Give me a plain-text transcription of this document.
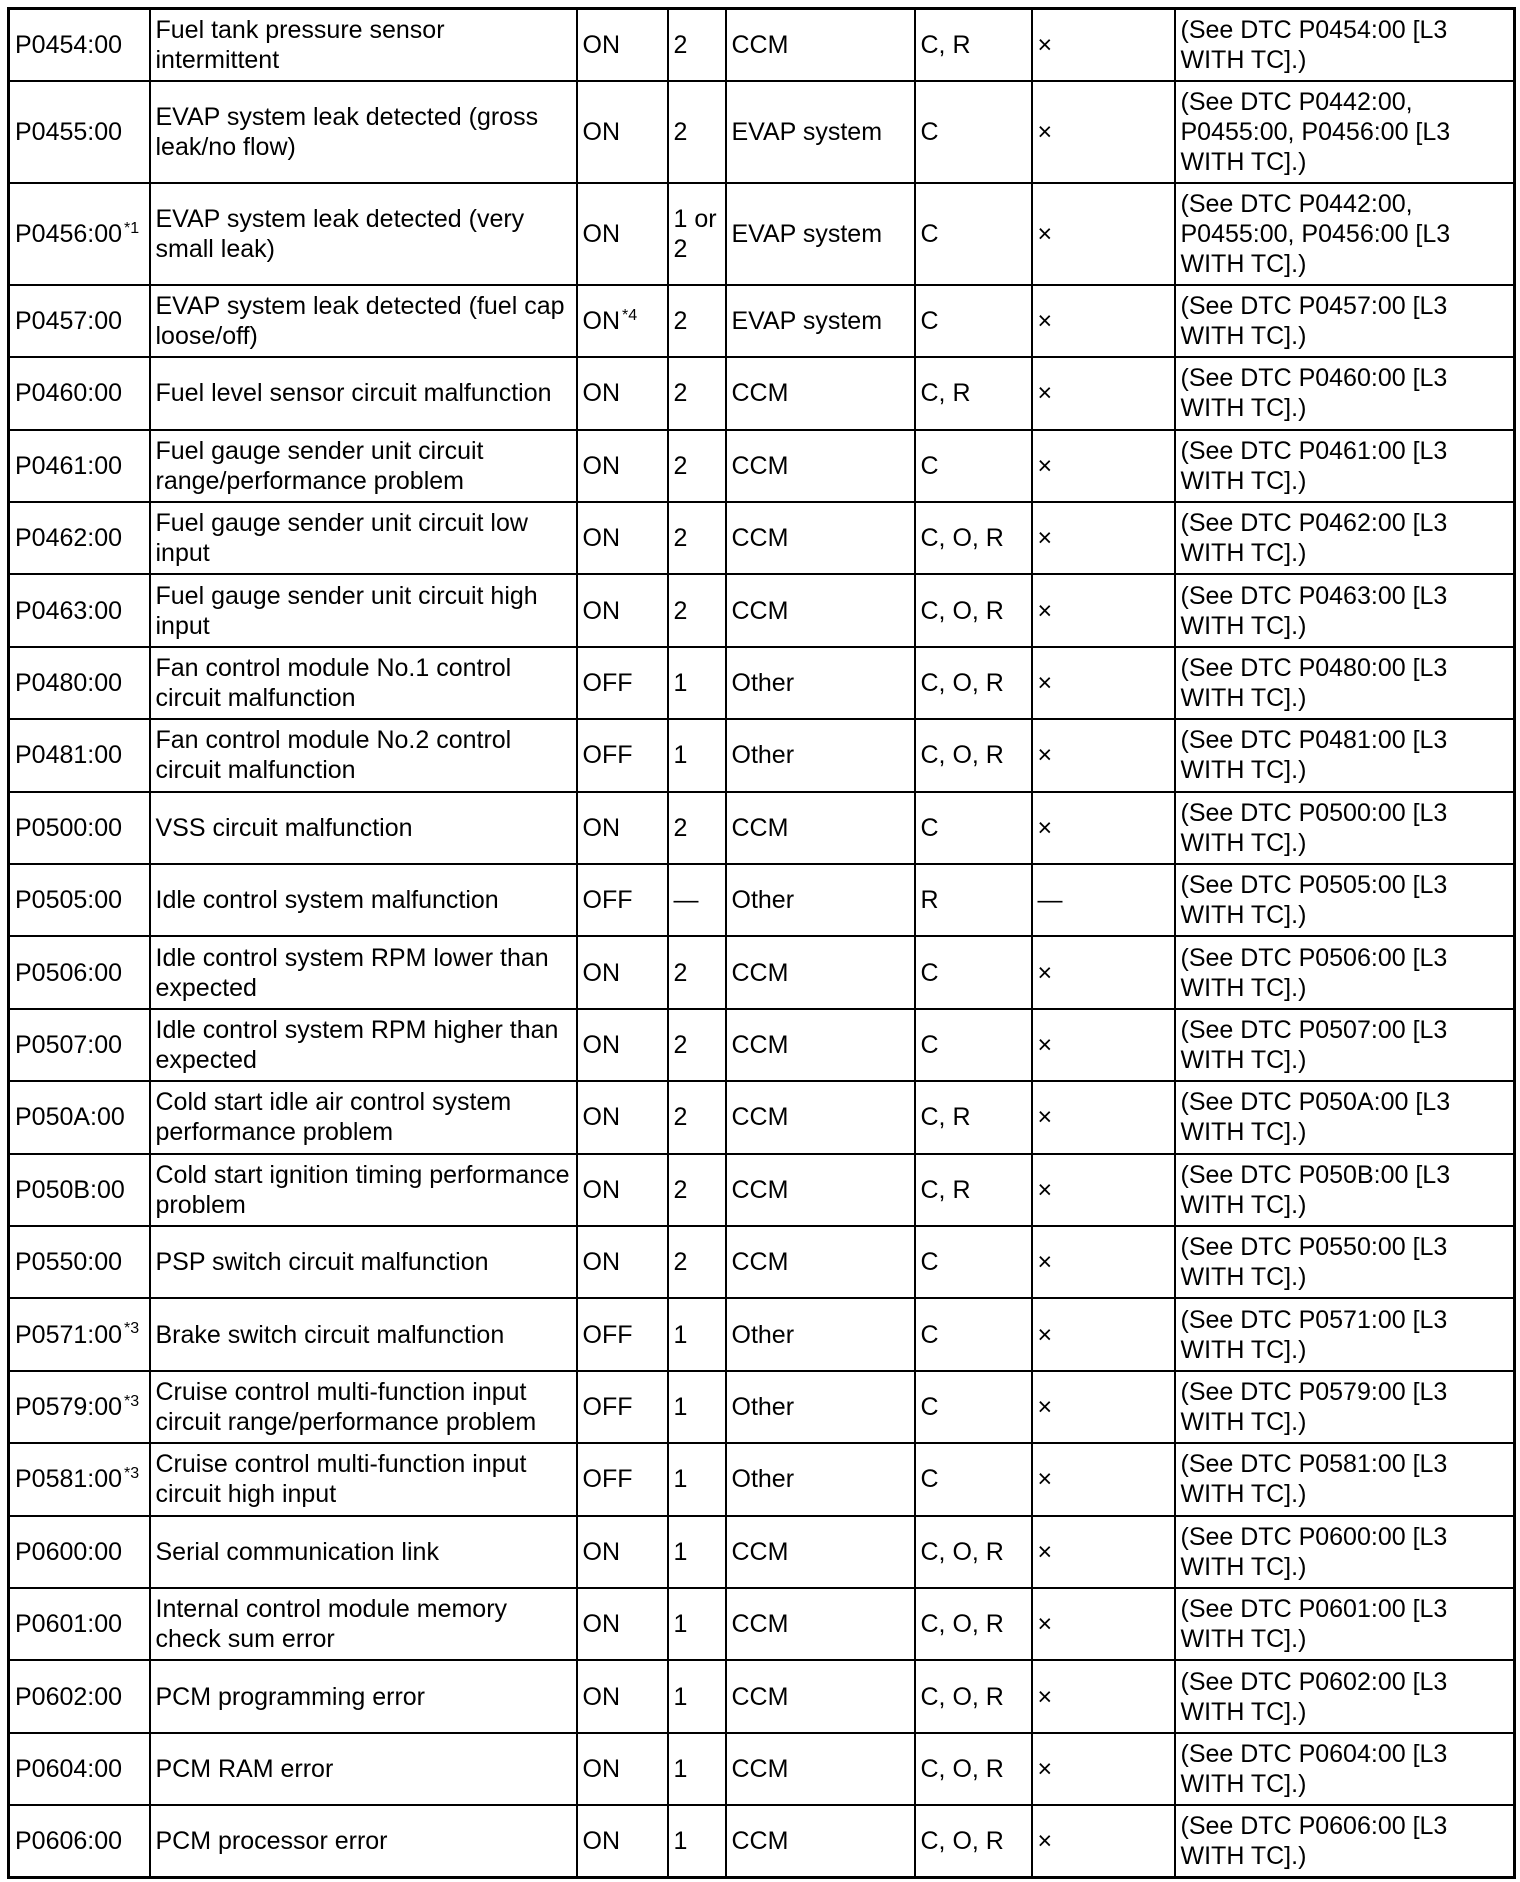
P0454:00	Fuel tank pressure sensor intermittent	ON	2	CCM	C, R	×	(See DTC P0454:00 [L3 WITH TC].)
P0455:00	EVAP system leak detected (gross leak/no flow)	ON	2	EVAP system	C	×	(See DTC P0442:00, P0455:00, P0456:00 [L3 WITH TC].)
P0456:00 $^{*1}$	EVAP system leak detected (very small leak)	ON	1 or 2	EVAP system	C	×	(See DTC P0442:00, P0455:00, P0456:00 [L3 WITH TC].)
P0457:00	EVAP system leak detected (fuel cap loose/off)	ON $^{*4}$	2	EVAP system	C	×	(See DTC P0457:00 [L3 WITH TC].)
P0460:00	Fuel level sensor circuit malfunction	ON	2	CCM	C, R	×	(See DTC P0460:00 [L3 WITH TC].)
P0461:00	Fuel gauge sender unit circuit range/performance problem	ON	2	CCM	C	×	(See DTC P0461:00 [L3 WITH TC].)
P0462:00	Fuel gauge sender unit circuit low input	ON	2	CCM	C, O, R	×	(See DTC P0462:00 [L3 WITH TC].)
P0463:00	Fuel gauge sender unit circuit high input	ON	2	CCM	C, O, R	×	(See DTC P0463:00 [L3 WITH TC].)
P0480:00	Fan control module No.1 control circuit malfunction	OFF	1	Other	C, O, R	×	(See DTC P0480:00 [L3 WITH TC].)
P0481:00	Fan control module No.2 control circuit malfunction	OFF	1	Other	C, O, R	×	(See DTC P0481:00 [L3 WITH TC].)
P0500:00	VSS circuit malfunction	ON	2	CCM	C	×	(See DTC P0500:00 [L3 WITH TC].)
P0505:00	Idle control system malfunction	OFF	—	Other	R	—	(See DTC P0505:00 [L3 WITH TC].)
P0506:00	Idle control system RPM lower than expected	ON	2	CCM	C	×	(See DTC P0506:00 [L3 WITH TC].)
P0507:00	Idle control system RPM higher than expected	ON	2	CCM	C	×	(See DTC P0507:00 [L3 WITH TC].)
P050A:00	Cold start idle air control system performance problem	ON	2	CCM	C, R	×	(See DTC P050A:00 [L3 WITH TC].)
P050B:00	Cold start ignition timing performance problem	ON	2	CCM	C, R	×	(See DTC P050B:00 [L3 WITH TC].)
P0550:00	PSP switch circuit malfunction	ON	2	CCM	C	×	(See DTC P0550:00 [L3 WITH TC].)
P0571:00 $^{*3}$	Brake switch circuit malfunction	OFF	1	Other	C	×	(See DTC P0571:00 [L3 WITH TC].)
P0579:00 $^{*3}$	Cruise control multi-function input circuit range/performance problem	OFF	1	Other	C	×	(See DTC P0579:00 [L3 WITH TC].)
P0581:00 $^{*3}$	Cruise control multi-function input circuit high input	OFF	1	Other	C	×	(See DTC P0581:00 [L3 WITH TC].)
P0600:00	Serial communication link	ON	1	CCM	C, O, R	×	(See DTC P0600:00 [L3 WITH TC].)
P0601:00	Internal control module memory check sum error	ON	1	CCM	C, O, R	×	(See DTC P0601:00 [L3 WITH TC].)
P0602:00	PCM programming error	ON	1	CCM	C, O, R	×	(See DTC P0602:00 [L3 WITH TC].)
P0604:00	PCM RAM error	ON	1	CCM	C, O, R	×	(See DTC P0604:00 [L3 WITH TC].)
P0606:00	PCM processor error	ON	1	CCM	C, O, R	×	(See DTC P0606:00 [L3 WITH TC].)
